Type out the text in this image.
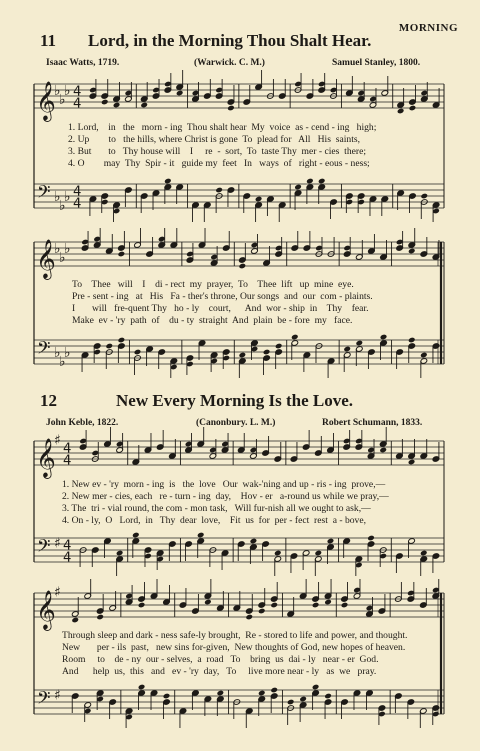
MORNING
11 Lord, in the Morning Thou Shalt Hear.
Isaac Watts, 1719.	(Warwick. C. M.)	Samuel Stanley, 1800.
1. Lord,    in   the   morn - ing  Thou shalt hear  My  voice  as - cend - ing   high;
2. Up        to   the hills, where Christ is gone  To  plead for   All   His  saints,
3. But       to   Thy house will    I     re  -  sort,  To  taste Thy  mer - cies  there;
4. O        may  Thy  Spir - it   guide my  feet   In   ways  of   right - eous - ness;
To    Thee   will    I    di - rect  my  prayer,  To    Thee  lift   up  mine  eye.
Pre - sent - ing   at   His   Fa - ther's throne, Our songs  and  our  com - plaints.
I       will   fre-quent Thy   ho - ly    court,      And  wor - ship  in    Thy    fear.
Make  ev - 'ry  path  of    du - ty  straight  And  plain  be - fore  my   face.
12	New Every Morning Is the Love.
John Keble, 1822.	(Canonbury. L. M.)	Robert Schumann, 1833.
1. New ev - 'ry  morn - ing  is   the  love   Our  wak-'ning and up - ris - ing  prove,—
2. New mer - cies, each   re - turn - ing  day,    Hov - er   a-round us while we pray,—
3. The  tri - vial round, the com - mon task,   Will fur-nish all we ought to ask,—
4. On - ly,  O   Lord,  in   Thy  dear  love,    Fit  us  for  per - fect  rest  a - bove,
Through sleep and dark - ness safe-ly brought,  Re - stored to life and power, and thought.
New       per - ils  past,   new sins for-given,  New thoughts of God, new hopes of heaven.
Room     to    de - ny  our - selves,  a  road   To    bring  us  dai - ly   near - er  God.
And      help  us,  this   and   ev - 'ry  day,   To     live more near - ly   as  we   pray.
𝄞
𝄢
♭
♭
♭
♭
♭
♭
4
4
4
4
𝄞
𝄢
♭
♭
♭
♭
♭
♭
𝄞
𝄢
♯
♯
4
4
4
4
𝄞
𝄢
♯
♯
